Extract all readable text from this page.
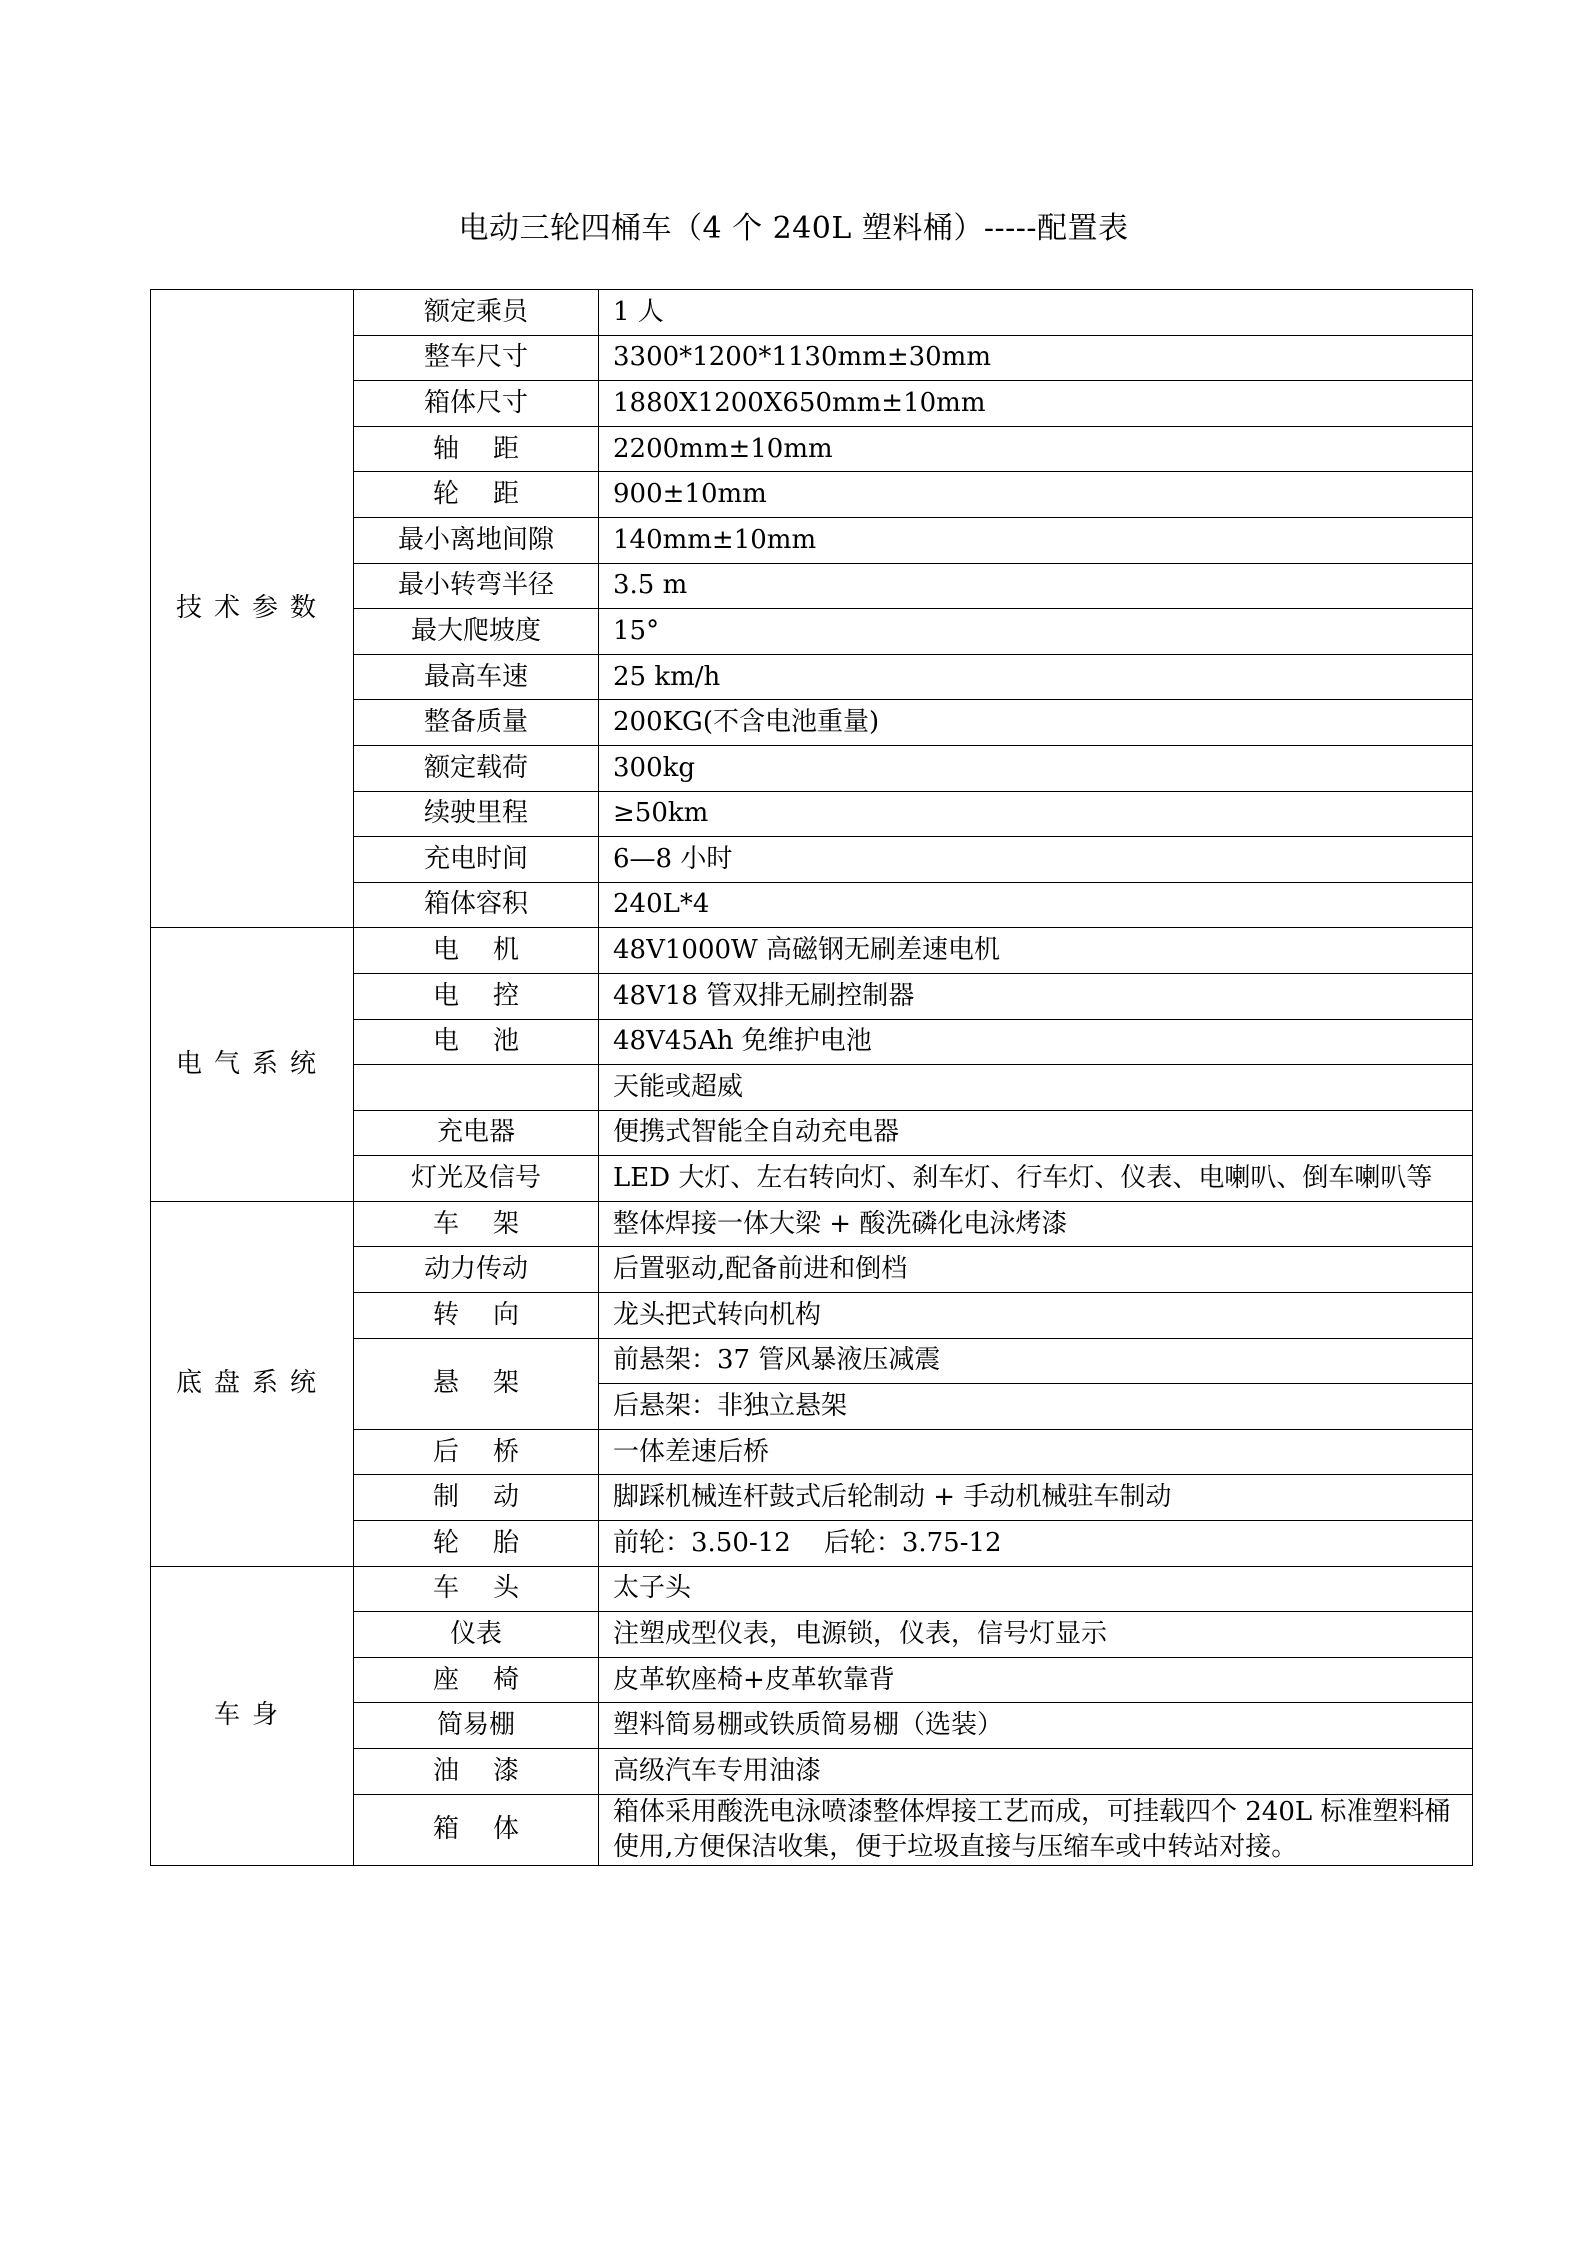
电动三轮四桶车（4 个 240L 塑料桶）-----配置表
技术参数	额定乘员	1 人
	整车尺寸	3300*1200*1130mm±30mm
	箱体尺寸	1880X1200X650mm±10mm
	轴距	2200mm±10mm
	轮距	900±10mm
	最小离地间隙	140mm±10mm
	最小转弯半径	3.5 m
	最大爬坡度	15°
	最高车速	25 km/h
	整备质量	200KG(不含电池重量)
	额定载荷	300kg
	续驶里程	≥50km
	充电时间	6—8 小时
	箱体容积	240L*4
电气系统	电机	48V1000W 高磁钢无刷差速电机
	电控	48V18 管双排无刷控制器
	电池	48V45Ah 免维护电池
		天能或超威
	充电器	便携式智能全自动充电器
	灯光及信号	LED 大灯、左右转向灯、刹车灯、行车灯、仪表、电喇叭、倒车喇叭等
底盘系统	车架	整体焊接一体大梁 + 酸洗磷化电泳烤漆
	动力传动	后置驱动,配备前进和倒档
	转向	龙头把式转向机构
	悬架	前悬架：37 管风暴液压减震
		后悬架：非独立悬架
	后桥	一体差速后桥
	制动	脚踩机械连杆鼓式后轮制动 + 手动机械驻车制动
	轮胎	前轮：3.50-12    后轮：3.75-12
车身	车头	太子头
	仪表	注塑成型仪表，电源锁，仪表，信号灯显示
	座椅	皮革软座椅+皮革软靠背
	简易棚	塑料简易棚或铁质简易棚（选装）
	油漆	高级汽车专用油漆
	箱体	箱体采用酸洗电泳喷漆整体焊接工艺而成，可挂载四个 240L 标准塑料桶使用,方便保洁收集，便于垃圾直接与压缩车或中转站对接。
